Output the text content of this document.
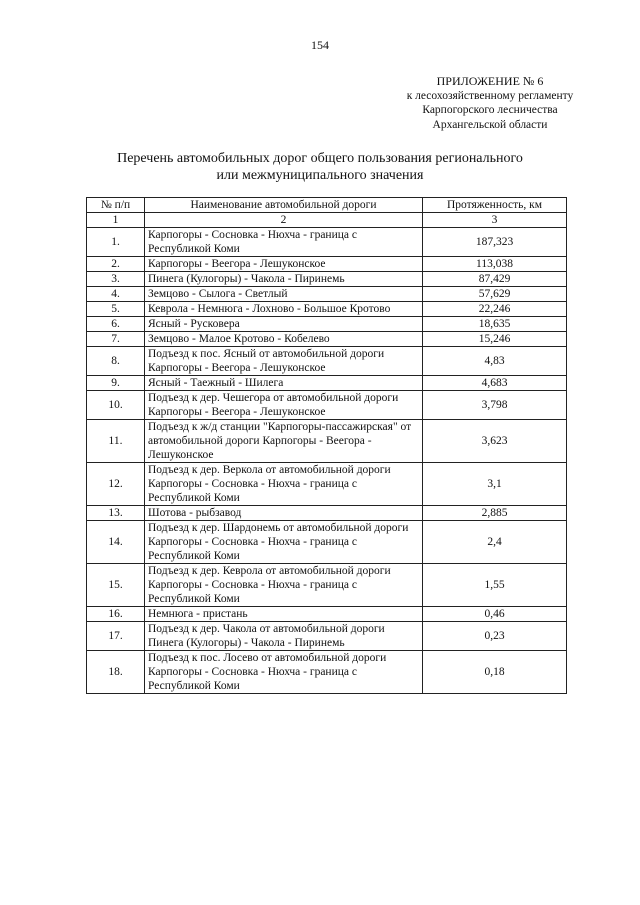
154
ПРИЛОЖЕНИЕ № 6
к лесохозяйственному регламенту
Карпогорского лесничества
Архангельской области
Перечень автомобильных дорог общего пользования регионального
или межмуниципального значения
№ п/п	Наименование автомобильной дороги	Протяженность, км
1	2	3
1.	Карпогоры - Сосновка - Нюхча - граница с Республикой Коми	187,323
2.	Карпогоры - Веегора - Лешуконское	113,038
3.	Пинега (Кулогоры) - Чакола - Пиринемь	87,429
4.	Земцово - Сылога - Светлый	57,629
5.	Кеврола - Немнюга - Лохново - Большое Кротово	22,246
6.	Ясный - Русковера	18,635
7.	Земцово - Малое Кротово - Кобелево	15,246
8.	Подъезд к пос. Ясный от автомобильной дороги Карпогоры - Веегора - Лешуконское	4,83
9.	Ясный - Таежный - Шилега	4,683
10.	Подъезд к дер. Чешегора от автомобильной дороги Карпогоры - Веегора - Лешуконское	3,798
11.	Подъезд к ж/д станции "Карпогоры-пассажирская" от автомобильной дороги Карпогоры - Веегора - Лешуконское	3,623
12.	Подъезд к дер. Веркола от автомобильной дороги Карпогоры - Сосновка - Нюхча - граница с Республикой Коми	3,1
13.	Шотова - рыбзавод	2,885
14.	Подъезд к дер. Шардонемь от автомобильной дороги Карпогоры - Сосновка - Нюхча - граница с Республикой Коми	2,4
15.	Подъезд к дер. Кеврола от автомобильной дороги Карпогоры - Сосновка - Нюхча - граница с Республикой Коми	1,55
16.	Немнюга - пристань	0,46
17.	Подъезд к дер. Чакола от автомобильной дороги Пинега (Кулогоры) - Чакола - Пиринемь	0,23
18.	Подъезд к пос. Лосево от автомобильной дороги Карпогоры - Сосновка - Нюхча - граница с Республикой Коми	0,18
